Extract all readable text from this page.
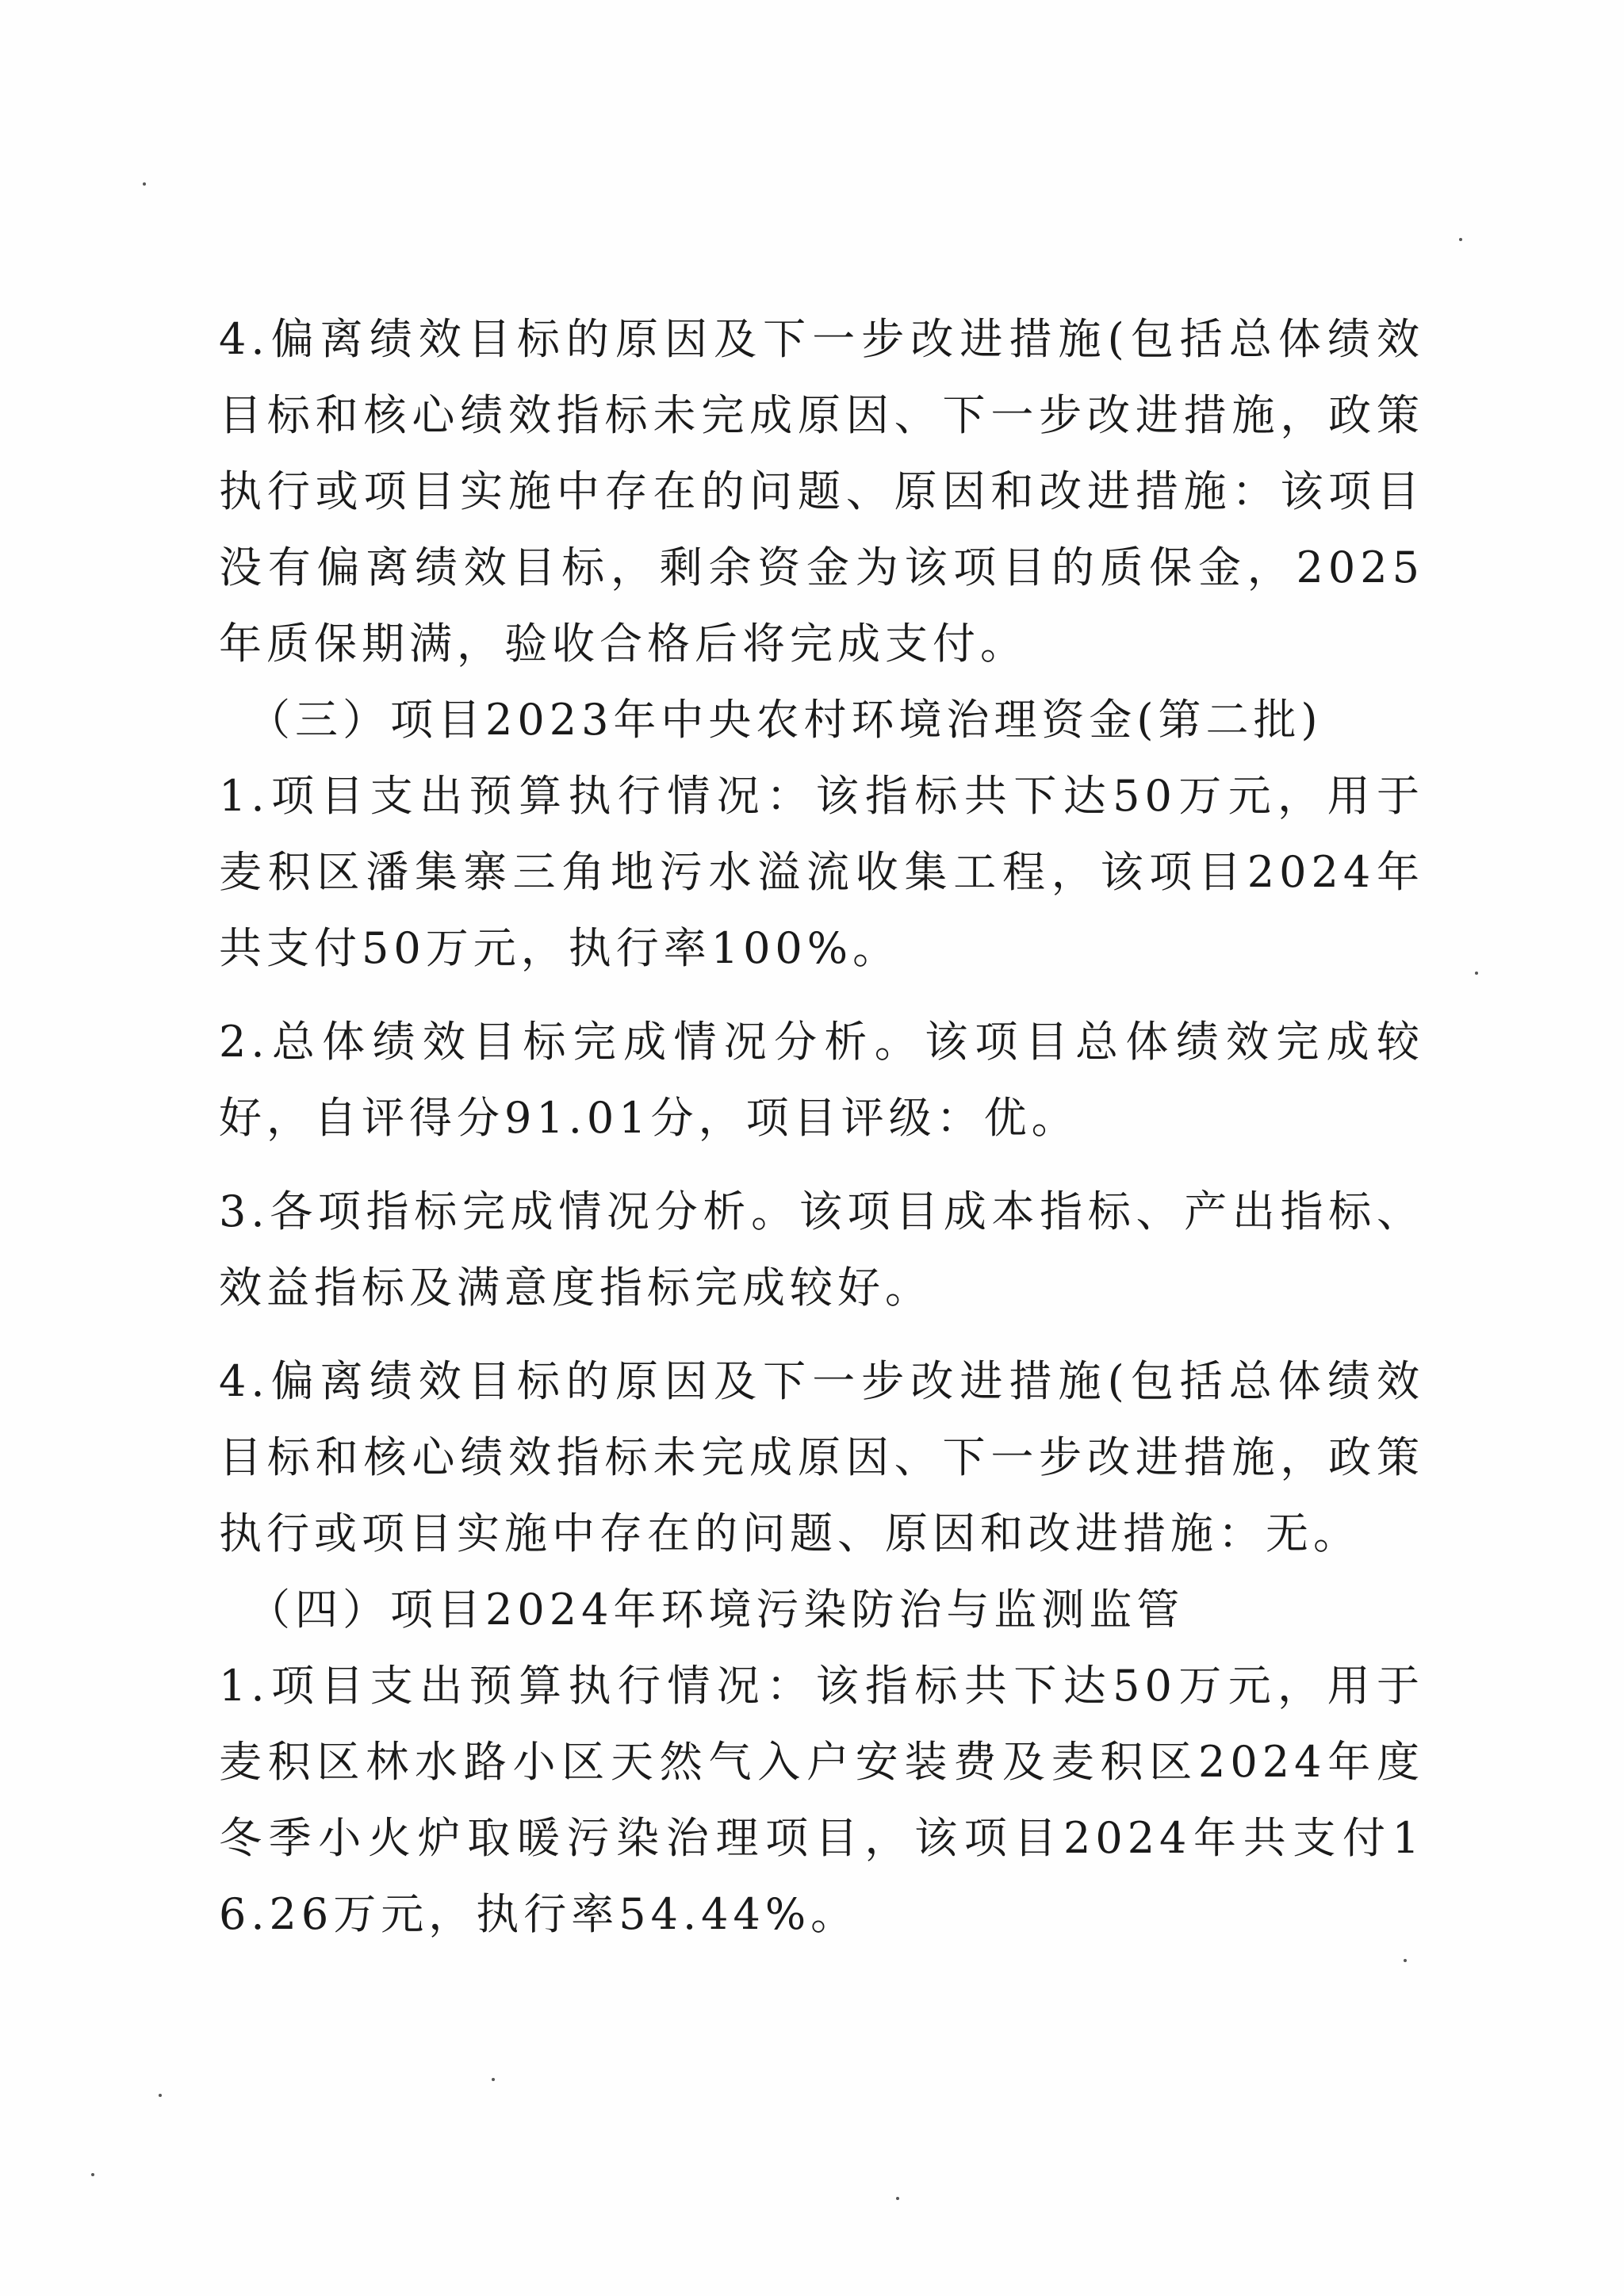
4.偏离绩效目标的原因及下一步改进措施(包括总体绩效目标和核心绩效指标未完成原因、下一步改进措施，政策执行或项目实施中存在的问题、原因和改进措施：该项目没有偏离绩效目标，剩余资金为该项目的质保金，2025年质保期满，验收合格后将完成支付。

（三）项目2023年中央农村环境治理资金(第二批)

1.项目支出预算执行情况：该指标共下达50万元，用于麦积区潘集寨三角地污水溢流收集工程，该项目2024年共支付50万元，执行率100%。

2.总体绩效目标完成情况分析。该项目总体绩效完成较好，自评得分91.01分，项目评级：优。

3.各项指标完成情况分析。该项目成本指标、产出指标、效益指标及满意度指标完成较好。

4.偏离绩效目标的原因及下一步改进措施(包括总体绩效目标和核心绩效指标未完成原因、下一步改进措施，政策执行或项目实施中存在的问题、原因和改进措施：无。

（四）项目2024年环境污染防治与监测监管

1.项目支出预算执行情况：该指标共下达50万元，用于麦积区林水路小区天然气入户安装费及麦积区2024年度冬季小火炉取暖污染治理项目，该项目2024年共支付16.26万元，执行率54.44%。
